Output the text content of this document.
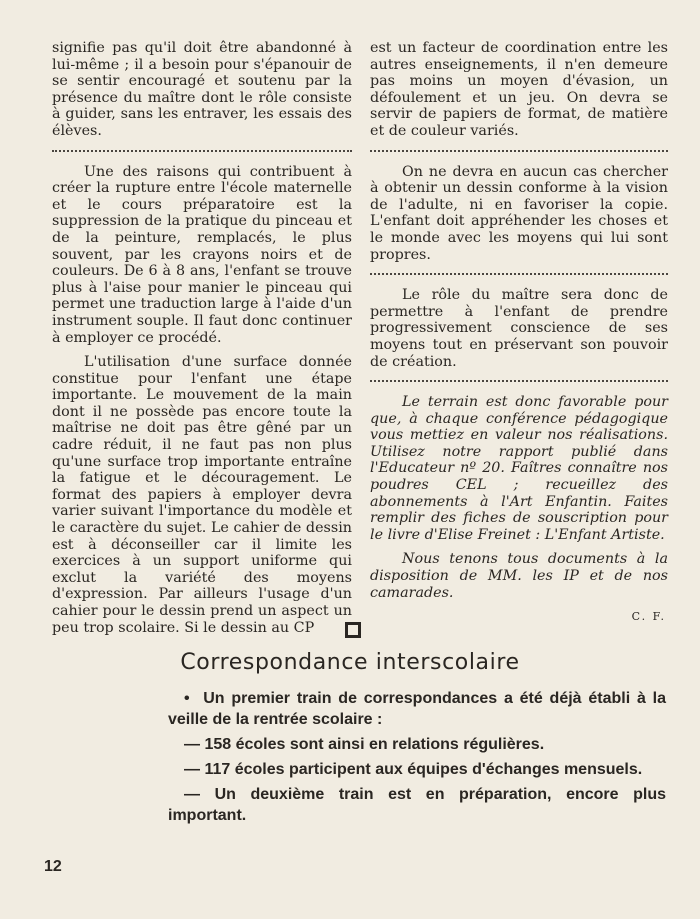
signifie pas qu'il doit être abandonné à lui-même ; il a besoin pour s'épanouir de se sentir encouragé et soutenu par la présence du maître dont le rôle consiste à guider, sans les entraver, les essais des élèves.

Une des raisons qui contribuent à créer la rupture entre l'école maternelle et le cours préparatoire est la suppression de la pratique du pinceau et de la peinture, remplacés, le plus souvent, par les crayons noirs et de couleurs. De 6 à 8 ans, l'enfant se trouve plus à l'aise pour manier le pinceau qui permet une traduction large à l'aide d'un instrument souple. Il faut donc continuer à employer ce procédé.

L'utilisation d'une surface donnée constitue pour l'enfant une étape importante. Le mouvement de la main dont il ne possède pas encore toute la maîtrise ne doit pas être gêné par un cadre réduit, il ne faut pas non plus qu'une surface trop importante entraîne la fatigue et le découragement. Le format des papiers à employer devra varier suivant l'importance du modèle et le caractère du sujet. Le cahier de dessin est à déconseiller car il limite les exercices à un support uniforme qui exclut la variété des moyens d'expression. Par ailleurs l'usage d'un cahier pour le dessin prend un aspect un peu trop scolaire. Si le dessin au CP

est un facteur de coordination entre les autres enseignements, il n'en demeure pas moins un moyen d'évasion, un défoulement et un jeu. On devra se servir de papiers de format, de matière et de couleur variés.

On ne devra en aucun cas chercher à obtenir un dessin conforme à la vision de l'adulte, ni en favoriser la copie. L'enfant doit appréhender les choses et le monde avec les moyens qui lui sont propres.

Le rôle du maître sera donc de permettre à l'enfant de prendre progressivement conscience de ses moyens tout en préservant son pouvoir de création.

Le terrain est donc favorable pour que, à chaque conférence pédagogique vous mettiez en valeur nos réalisations. Utilisez notre rapport publié dans l'Educateur nº 20. Faîtres connaître nos poudres CEL ; recueillez des abonnements à l'Art Enfantin. Faites remplir des fiches de souscription pour le livre d'Elise Freinet : L'Enfant Artiste.

Nous tenons tous documents à la disposition de MM. les IP et de nos camarades.

C. F.

Correspondance interscolaire

• Un premier train de correspondances a été déjà établi à la veille de la rentrée scolaire :

— 158 écoles sont ainsi en relations régulières.

— 117 écoles participent aux équipes d'échanges mensuels.

— Un deuxième train est en préparation, encore plus important.

12
